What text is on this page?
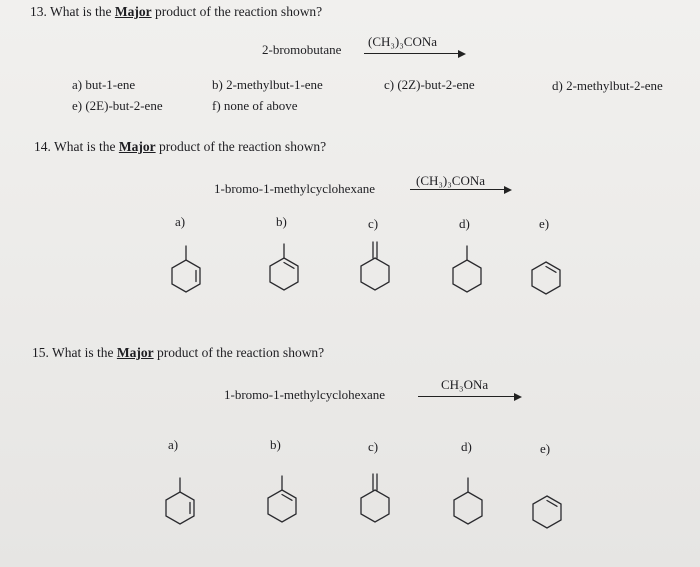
13. What is the Major product of the reaction shown?
2-bromobutane
(CH₃)₃CONa
a) but-1-ene	b) 2-methylbut-1-ene	c) (2Z)-but-2-ene	d) 2-methylbut-2-ene
e) (2E)-but-2-ene	f) none of above
14. What is the Major product of the reaction shown?
1-bromo-1-methylcyclohexane
(CH₃)₃CONa
a)	b)	c)	d)	e)
15. What is the Major product of the reaction shown?
1-bromo-1-methylcyclohexane
CH₃ONa
a)	b)	c)	d)	e)
